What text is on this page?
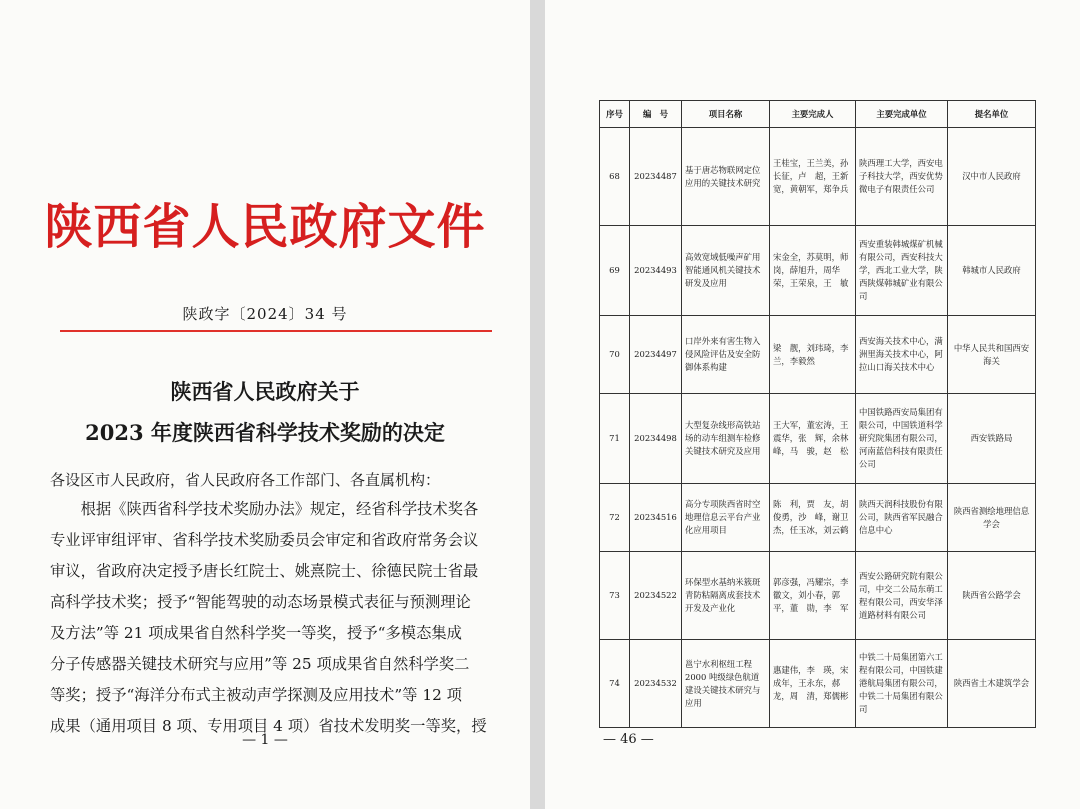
陕西省人民政府文件
陕政字〔2024〕34 号
陕西省人民政府关于
2023 年度陕西省科学技术奖励的决定
各设区市人民政府，省人民政府各工作部门、各直属机构：
　　根据《陕西省科学技术奖励办法》规定，经省科学技术奖各
专业评审组评审、省科学技术奖励委员会审定和省政府常务会议
审议，省政府决定授予唐长红院士、姚熹院士、徐德民院士省最
高科学技术奖；授予“智能驾驶的动态场景模式表征与预测理论
及方法”等 21 项成果省自然科学奖一等奖，授予“多模态集成
分子传感器关键技术研究与应用”等 25 项成果省自然科学奖二
等奖；授予“海洋分布式主被动声学探测及应用技术”等 12 项
成果（通用项目 8 项、专用项目 4 项）省技术发明奖一等奖，授
— 1 —
序号	编　号	项目名称	主要完成人	主要完成单位	提名单位
68	20234487	基于唐芯物联网定位应用的关键技术研究	王桂宝，王兰美，孙长征，卢　超，王新宽，黄朝军，郑争兵	陕西理工大学，西安电子科技大学，西安优势微电子有限责任公司	汉中市人民政府
69	20234493	高效宽域低噪声矿用智能通风机关键技术研发及应用	宋金全，苏莫明，师　岗，薛旭升，周华荣，王荣泉，王　敏	西安重装韩城煤矿机械有限公司，西安科技大学，西北工业大学，陕西陕煤韩城矿业有限公司	韩城市人民政府
70	20234497	口岸外来有害生物入侵风险评估及安全防御体系构建	梁　靓，刘玮琦，李　兰，李毅然	西安海关技术中心，满洲里海关技术中心，阿拉山口海关技术中心	中华人民共和国西安海关
71	20234498	大型复杂线形高铁站场的动车组测车检修关键技术研究及应用	王大军，董宏涛，王震华，张　辉，余林峰，马　骏，赵　松	中国铁路西安局集团有限公司，中国铁道科学研究院集团有限公司，河南蓝信科技有限责任公司	西安铁路局
72	20234516	高分专项陕西省时空地理信息云平台产业化应用项目	陈　利，贾　友，胡俊勇，沙　峰，谢卫杰，任玉冰，刘云鹤	陕西天润科技股份有限公司，陕西省军民融合信息中心	陕西省测绘地理信息学会
73	20234522	环保型水基纳米簇斑青防粘隔离成套技术开发及产业化	郭彦强，冯耀宗，李徽文，刘小春，郭　平，董　勋，李　军	西安公路研究院有限公司，中交二公局东萌工程有限公司，西安华泽道路材料有限公司	陕西省公路学会
74	20234532	邕宁水利枢纽工程 2000 吨级绿色航道建设关键技术研究与应用	惠建伟，李　瑛，宋成年，王永东，郝　龙，周　清，郑儒彬	中铁二十局集团第六工程有限公司，中国铁建港航局集团有限公司，中铁二十局集团有限公司	陕西省土木建筑学会
— 46 —
